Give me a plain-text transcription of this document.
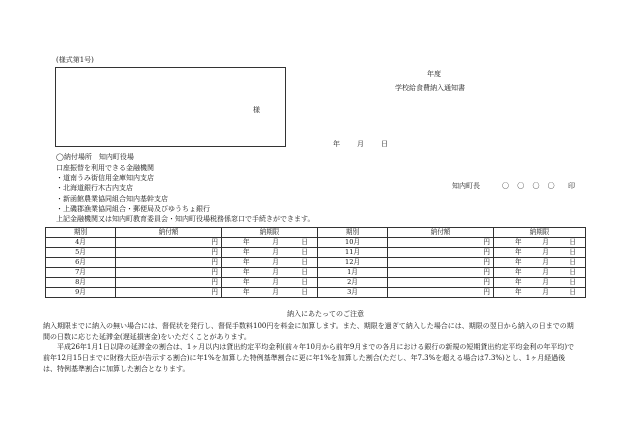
(様式第1号)
様
年度
学校給食費納入通知書
年 月 日
◯納付場所　知内町役場
口座振替を利用できる金融機関
・道南うみ街信用金庫知内支店
・北海道銀行木古内支店
・新函館農業協同組合知内基幹支店
・上磯郡漁業協同組合・郵便局及びゆうちょ銀行
上記金融機関又は知内町教育委員会・知内町役場税務係窓口で手続きができます。
知内町長	〇 〇 〇 〇 印
期別	納付額	納期限	期別	納付額	納期限
4月	円	年 月 日	10月	円	年 月 日

5月	円	年 月 日	11月	円	年 月 日

6月	円	年 月 日	12月	円	年 月 日

7月	円	年 月 日	1月	円	年 月 日

8月	円	年 月 日	2月	円	年 月 日

9月	円	年 月 日	3月	円	年 月 日
納入にあたってのご注意

納入期限までに納入の無い場合には、督促状を発行し、督促手数料100円を料金に加算します。また、期限を過ぎて納入した場合には、期限の翌日から納入の日までの期間の日数に応じた延滞金(遅延損害金)をいただくことがあります。

平成26年1月1日以降の延滞金の割合は、1ヶ月以内は貸出約定平均金利(前々年10月から前年9月までの各月における銀行の新規の短期貸出約定平均金利の年平均)で前年12月15日までに財務大臣が告示する割合)に年1%を加算した特例基準割合に更に年1%を加算した割合(ただし、年7.3%を超える場合は7.3%)とし、1ヶ月経過後は、特例基準割合に加算した割合となります。
